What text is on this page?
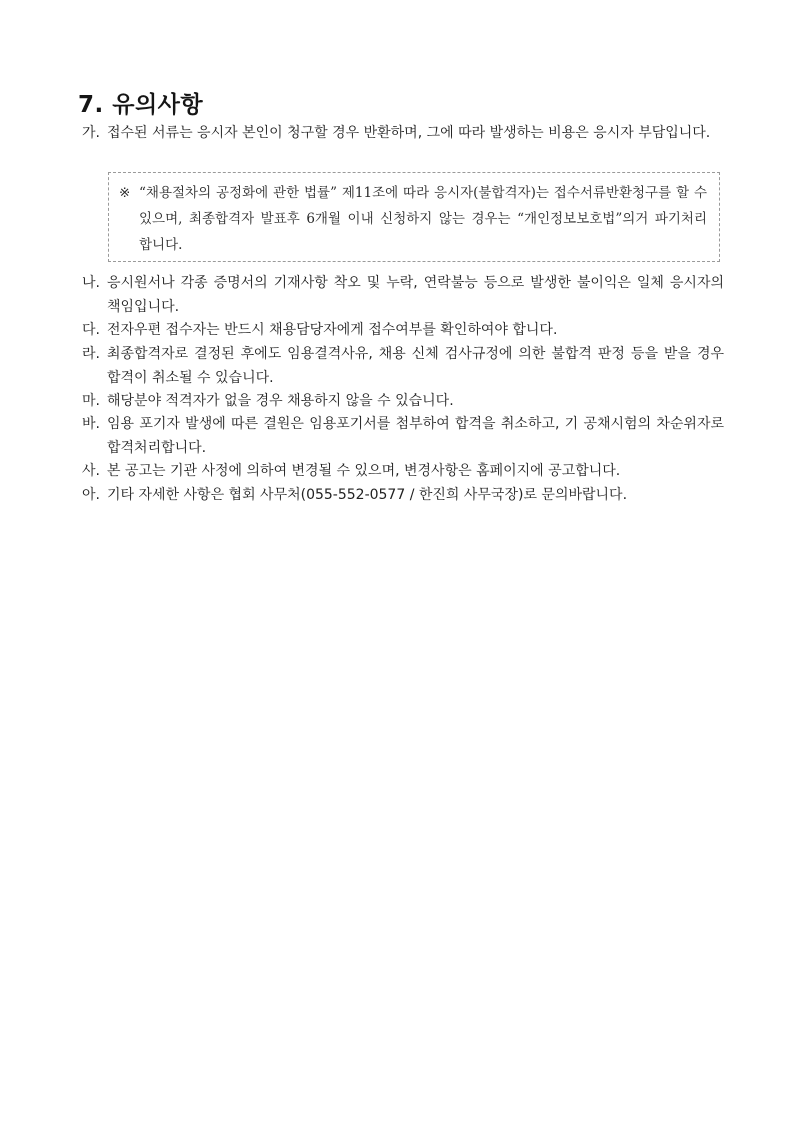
7. 유의사항
가. 접수된 서류는 응시자 본인이 청구할 경우 반환하며, 그에 따라 발생하는 비용은 응시자 부담입니다.
※ “채용절차의 공정화에 관한 법률” 제11조에 따라 응시자(불합격자)는 접수서류반환청구를 할 수 있으며, 최종합격자 발표후 6개월 이내 신청하지 않는 경우는 “개인정보보호법”의거 파기처리 합니다.
나. 응시원서나 각종 증명서의 기재사항 착오 및 누락, 연락불능 등으로 발생한 불이익은 일체 응시자의 책임입니다.
다. 전자우편 접수자는 반드시 채용담당자에게 접수여부를 확인하여야 합니다.
라. 최종합격자로 결정된 후에도 임용결격사유, 채용 신체 검사규정에 의한 불합격 판정 등을 받을 경우 합격이 취소될 수 있습니다.
마. 해당분야 적격자가 없을 경우 채용하지 않을 수 있습니다.
바. 임용 포기자 발생에 따른 결원은 임용포기서를 첨부하여 합격을 취소하고, 기 공채시험의 차순위자로 합격처리합니다.
사. 본 공고는 기관 사정에 의하여 변경될 수 있으며, 변경사항은 홈페이지에 공고합니다.
아. 기타 자세한 사항은 협회 사무처(055-552-0577 / 한진희 사무국장)로 문의바랍니다.
